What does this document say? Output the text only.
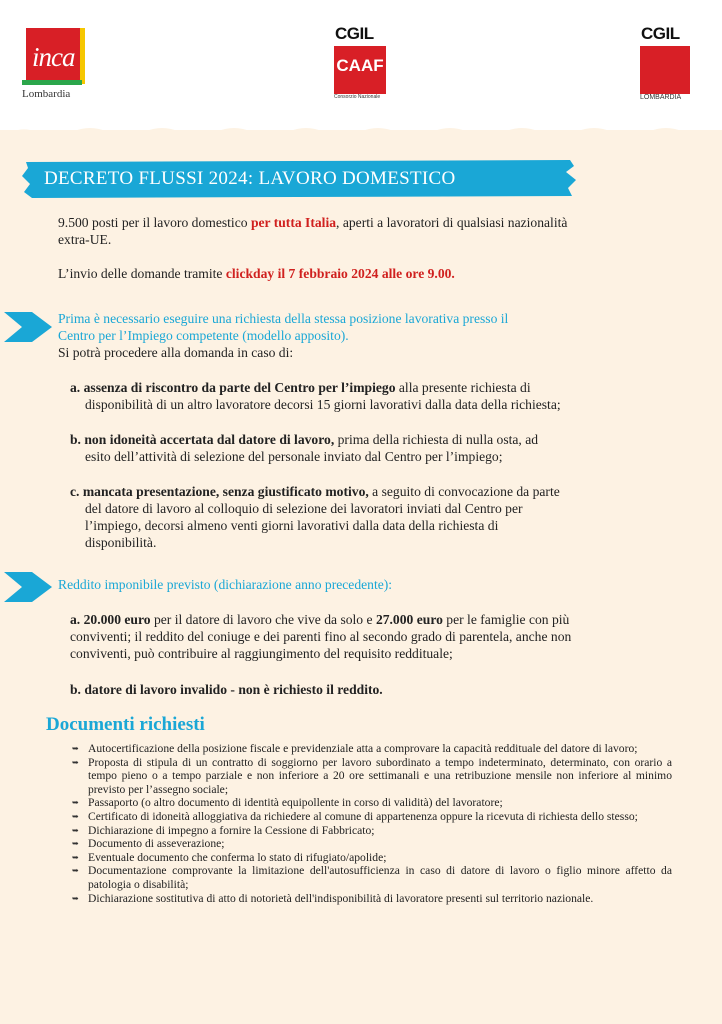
inca
Lombardia
CGIL
CAAF
Consorzio Nazionale
CGIL
LOMBARDIA
DECRETO FLUSSI 2024: LAVORO DOMESTICO
9.500 posti per il lavoro domestico per tutta Italia, aperti a lavoratori di qualsiasi nazionalità
extra-UE.
L’invio delle domande tramite clickday il 7 febbraio 2024 alle ore 9.00.
Prima è necessario eseguire una richiesta della stessa posizione lavorativa presso il
Centro per l’Impiego competente (modello apposito).
Si potrà procedere alla domanda in caso di:
a. assenza di riscontro da parte del Centro per l’impiego alla presente richiesta di
disponibilità di un altro lavoratore decorsi 15 giorni lavorativi dalla data della richiesta;
b. non idoneità accertata dal datore di lavoro, prima della richiesta di nulla osta, ad
esito dell’attività di selezione del personale inviato dal Centro per l’impiego;
c. mancata presentazione, senza giustificato motivo, a seguito di convocazione da parte
del datore di lavoro al colloquio di selezione dei lavoratori inviati dal Centro per
l’impiego, decorsi almeno venti giorni lavorativi dalla data della richiesta di
disponibilità.
Reddito imponibile previsto (dichiarazione anno precedente):
a. 20.000 euro per il datore di lavoro che vive da solo e 27.000 euro per le famiglie con più
conviventi; il reddito del coniuge e dei parenti fino al secondo grado di parentela, anche non
conviventi, può contribuire al raggiungimento del requisito reddituale;
b. datore di lavoro invalido - non è richiesto il reddito.
Documenti richiesti
➥ Autocertificazione della posizione fiscale e previdenziale atta a comprovare la capacità reddituale del datore di lavoro;
➥ Proposta di stipula di un contratto di soggiorno per lavoro subordinato a tempo indeterminato, determinato, con orario a tempo pieno o a tempo parziale e non inferiore a 20 ore settimanali e una retribuzione mensile non inferiore al minimo previsto per l’assegno sociale;
➥ Passaporto (o altro documento di identità equipollente in corso di validità) del lavoratore;
➥ Certificato di idoneità alloggiativa da richiedere al comune di appartenenza oppure la ricevuta di richiesta dello stesso;
➥ Dichiarazione di impegno a fornire la Cessione di Fabbricato;
➥ Documento di asseverazione;
➥ Eventuale documento che conferma lo stato di rifugiato/apolide;
➥ Documentazione comprovante la limitazione dell'autosufficienza in caso di datore di lavoro o figlio minore affetto da patologia o disabilità;
➥ Dichiarazione sostitutiva di atto di notorietà dell'indisponibilità di lavoratore presenti sul territorio nazionale.
